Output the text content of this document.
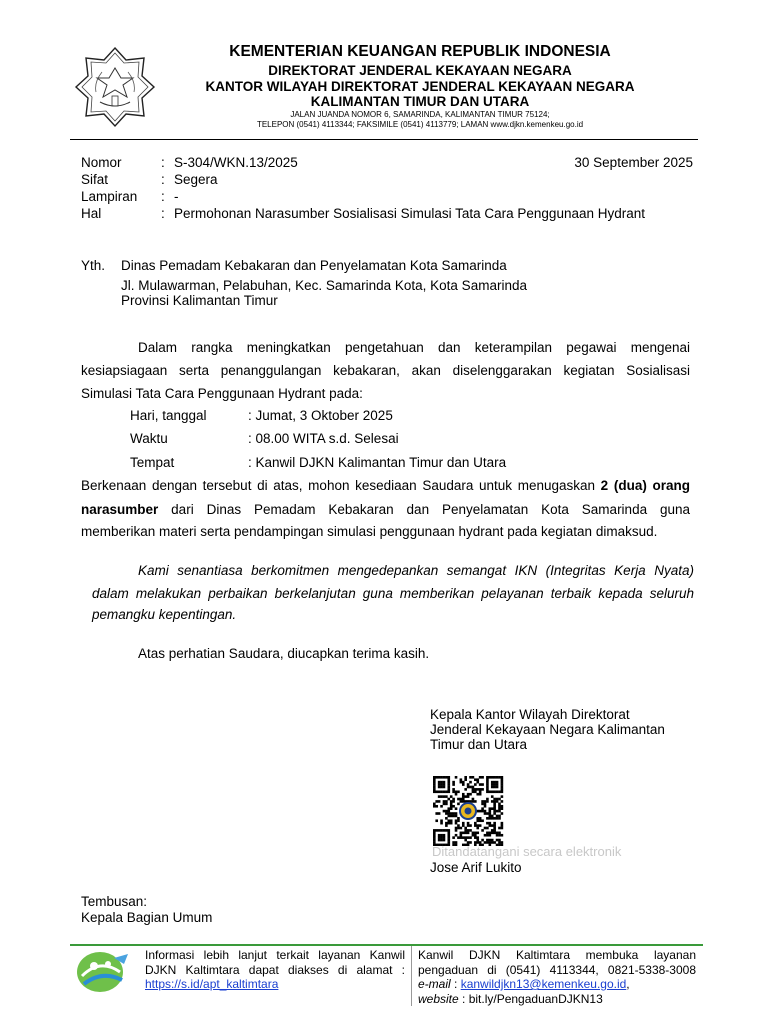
KEMENTERIAN KEUANGAN REPUBLIK INDONESIA
DIREKTORAT JENDERAL KEKAYAAN NEGARA
KANTOR WILAYAH DIREKTORAT JENDERAL KEKAYAAN NEGARA
KALIMANTAN TIMUR DAN UTARA
JALAN JUANDA NOMOR 6, SAMARINDA, KALIMANTAN TIMUR 75124;
TELEPON (0541) 4113344; FAKSIMILE (0541) 4113779; LAMAN www.djkn.kemenkeu.go.id
Nomor	: S-304/WKN.13/2025	30 September 2025
Sifat	: Segera
Lampiran : -
Hal	: Permohonan Narasumber Sosialisasi Simulasi Tata Cara Penggunaan Hydrant
Yth. Dinas Pemadam Kebakaran dan Penyelamatan Kota Samarinda
Jl. Mulawarman, Pelabuhan, Kec. Samarinda Kota, Kota Samarinda
Provinsi Kalimantan Timur
Dalam rangka meningkatkan pengetahuan dan keterampilan pegawai mengenai
kesiapsiagaan serta penanggulangan kebakaran, akan diselenggarakan kegiatan Sosialisasi
Simulasi Tata Cara Penggunaan Hydrant pada:
Hari, tanggal	: Jumat, 3 Oktober 2025
Waktu	: 08.00 WITA s.d. Selesai
Tempat	: Kanwil DJKN Kalimantan Timur dan Utara
Berkenaan dengan tersebut di atas, mohon kesediaan Saudara untuk menugaskan 2 (dua) orang
narasumber dari Dinas Pemadam Kebakaran dan Penyelamatan Kota Samarinda guna
memberikan materi serta pendampingan simulasi penggunaan hydrant pada kegiatan dimaksud.
Kami senantiasa berkomitmen mengedepankan semangat IKN (Integritas Kerja Nyata)
dalam melakukan perbaikan berkelanjutan guna memberikan pelayanan terbaik kepada seluruh
pemangku kepentingan.
Atas perhatian Saudara, diucapkan terima kasih.
Kepala Kantor Wilayah Direktorat
Jenderal Kekayaan Negara Kalimantan
Timur dan Utara
Ditandatangani secara elektronik
Jose Arif Lukito
Tembusan:
Kepala Bagian Umum
Informasi lebih lanjut terkait layanan Kanwil
DJKN Kaltimtara dapat diakses di alamat :
https://s.id/apt_kaltimtara
Kanwil DJKN Kaltimtara membuka layanan
pengaduan di (0541) 4113344, 0821-5338-3008
e-mail : kanwildjkn13@kemenkeu.go.id,
website : bit.ly/PengaduanDJKN13
